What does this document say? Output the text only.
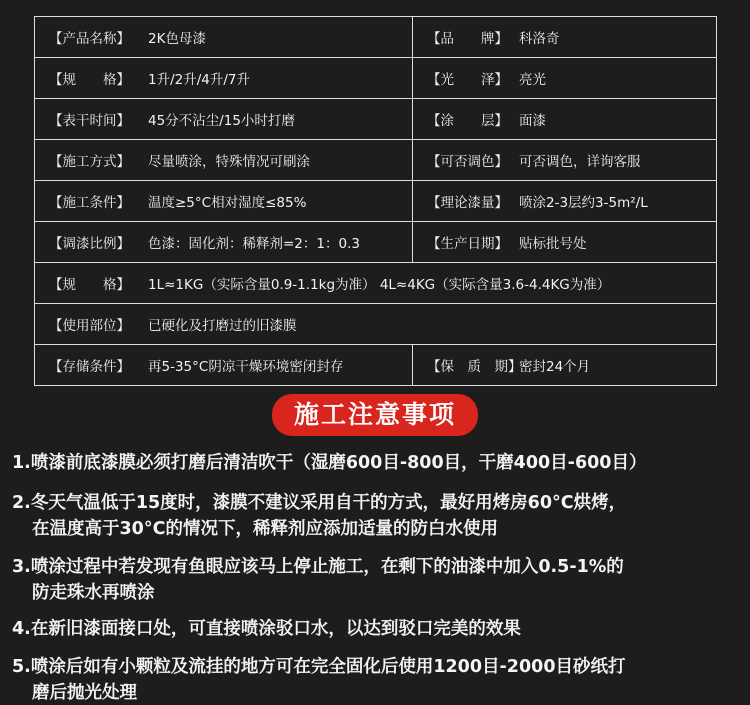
【产品名称】 2K色母漆	【品　　牌】 科洛奇
【规　　格】 1升/2升/4升/7升	【光　　泽】 亮光
【表干时间】 45分不沾尘/15小时打磨	【涂　　层】 面漆
【施工方式】 尽量喷涂，特殊情况可刷涂	【可否调色】 可否调色，详询客服
【施工条件】 温度≥5°C相对湿度≤85%	【理论漆量】 喷涂2-3层约3-5m²/L
【调漆比例】 色漆：固化剂：稀释剂=2：1：0.3	【生产日期】 贴标批号处
【规　　格】 1L≈1KG（实际含量0.9-1.1kg为准） 4L≈4KG（实际含量3.6-4.4KG为准）	
【使用部位】 已硬化及打磨过的旧漆膜	
【存储条件】 再5-35°C阴凉干燥环境密闭封存	【保　质　期】密封24个月
施工注意事项
1.喷漆前底漆膜必须打磨后清洁吹干（湿磨600目-800目，干磨400目-600目）
2.冬天气温低于15度时，漆膜不建议采用自干的方式，最好用烤房60°C烘烤，
在温度高于30°C的情况下，稀释剂应添加适量的防白水使用
3.喷涂过程中若发现有鱼眼应该马上停止施工，在剩下的油漆中加入0.5-1%的
防走珠水再喷涂
4.在新旧漆面接口处，可直接喷涂驳口水，以达到驳口完美的效果
5.喷涂后如有小颗粒及流挂的地方可在完全固化后使用1200目-2000目砂纸打
磨后抛光处理
